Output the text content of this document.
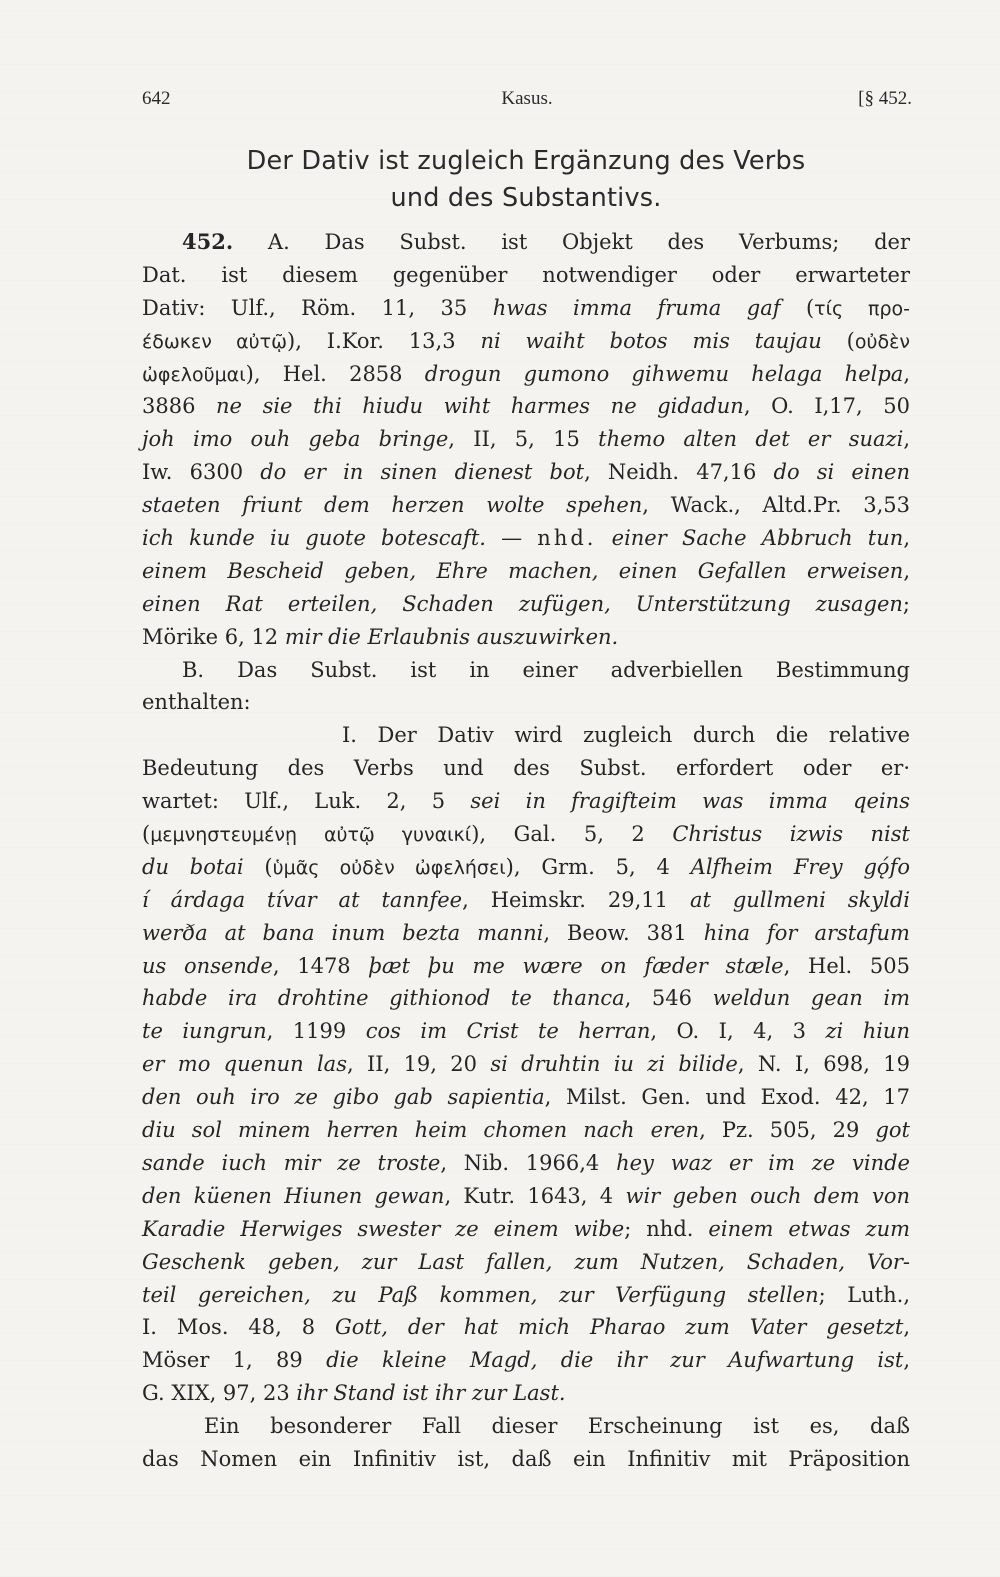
642	Kasus.	[§ 452.
Der Dativ ist zugleich Ergänzung des Verbs
und des Substantivs.
452. A. Das Subst. ist Objekt des Verbums; der
Dat. ist diesem gegenüber notwendiger oder erwarteter
Dativ: Ulf., Röm. 11, 35 hwas imma fruma gaf (τίς προ-
έδωκεν αὐτῷ), I.Kor. 13,3 ni waiht botos mis taujau (οὐδὲν
ὠφελοῦμαι), Hel. 2858 drogun gumono gihwemu helaga helpa,
3886 ne sie thi hiudu wiht harmes ne gidadun, O. I,17, 50
joh imo ouh geba bringe, II, 5, 15 themo alten det er suazi,
Iw. 6300 do er in sinen dienest bot, Neidh. 47,16 do si einen
staeten friunt dem herzen wolte spehen, Wack., Altd.Pr. 3,53
ich kunde iu guote botescaft. — nhd. einer Sache Abbruch tun,
einem Bescheid geben, Ehre machen, einen Gefallen erweisen,
einen Rat erteilen, Schaden zufügen, Unterstützung zusagen;
Mörike 6, 12 mir die Erlaubnis auszuwirken.
B. Das Subst. ist in einer adverbiellen Bestimmung
enthalten:
I. Der Dativ wird zugleich durch die relative
Bedeutung des Verbs und des Subst. erfordert oder er·
wartet: Ulf., Luk. 2, 5 sei in fragifteim was imma qeins
(μεμνηστευμένῃ αὐτῷ γυναικί), Gal. 5, 2 Christus izwis nist
du botai (ὑμᾶς οὐδὲν ὠφελήσει), Grm. 5, 4 Alfheim Frey gǫ́fo
í árdaga tívar at tannfee, Heimskr. 29,11 at gullmeni skyldi
werða at bana inum bezta manni, Beow. 381 hina for arstafum
us onsende, 1478 þæt þu me wære on fæder stæle, Hel. 505
habde ira drohtine githionod te thanca, 546 weldun gean im
te iungrun, 1199 cos im Crist te herran, O. I, 4, 3 zi hiun
er mo quenun las, II, 19, 20 si druhtin iu zi bilide, N. I, 698, 19
den ouh iro ze gibo gab sapientia, Milst. Gen. und Exod. 42, 17
diu sol minem herren heim chomen nach eren, Pz. 505, 29 got
sande iuch mir ze troste, Nib. 1966,4 hey waz er im ze vinde
den küenen Hiunen gewan, Kutr. 1643, 4 wir geben ouch dem von
Karadie Herwiges swester ze einem wibe; nhd. einem etwas zum
Geschenk geben, zur Last fallen, zum Nutzen, Schaden, Vor-
teil gereichen, zu Paß kommen, zur Verfügung stellen; Luth.,
I. Mos. 48, 8 Gott, der hat mich Pharao zum Vater gesetzt,
Möser 1, 89 die kleine Magd, die ihr zur Aufwartung ist,
G. XIX, 97, 23 ihr Stand ist ihr zur Last.
Ein besonderer Fall dieser Erscheinung ist es, daß
das Nomen ein Infinitiv ist, daß ein Infinitiv mit Präposition
